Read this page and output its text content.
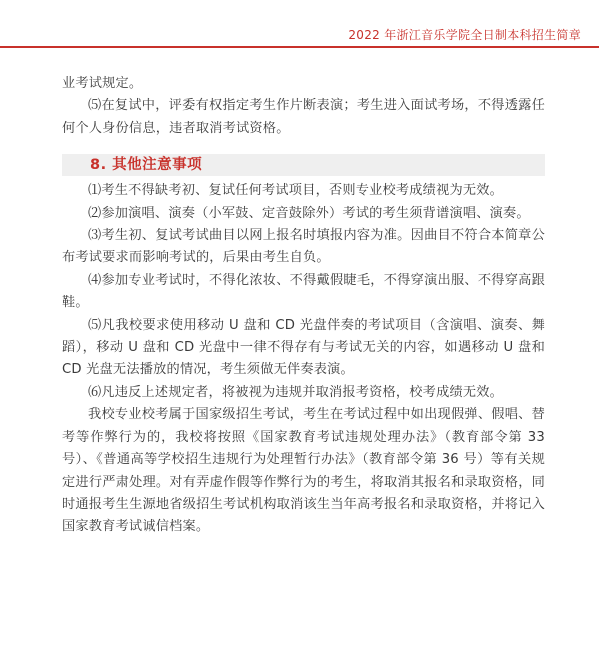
2022 年浙江音乐学院全日制本科招生简章

业考试规定。

⑸在复试中，评委有权指定考生作片断表演；考生进入面试考场，不得透露任何个人身份信息，违者取消考试资格。

8. 其他注意事项

⑴考生不得缺考初、复试任何考试项目，否则专业校考成绩视为无效。

⑵参加演唱、演奏（小军鼓、定音鼓除外）考试的考生须背谱演唱、演奏。

⑶考生初、复试考试曲目以网上报名时填报内容为准。因曲目不符合本简章公布考试要求而影响考试的，后果由考生自负。

⑷参加专业考试时，不得化浓妆、不得戴假睫毛，不得穿演出服、不得穿高跟鞋。

⑸凡我校要求使用移动 U 盘和 CD 光盘伴奏的考试项目（含演唱、演奏、舞蹈），移动 U 盘和 CD 光盘中一律不得存有与考试无关的内容，如遇移动 U 盘和 CD 光盘无法播放的情况，考生须做无伴奏表演。

⑹凡违反上述规定者，将被视为违规并取消报考资格，校考成绩无效。

我校专业校考属于国家级招生考试，考生在考试过程中如出现假弹、假唱、替考等作弊行为的，我校将按照《国家教育考试违规处理办法》（教育部令第 33 号）、《普通高等学校招生违规行为处理暂行办法》（教育部令第 36 号）等有关规定进行严肃处理。对有弄虚作假等作弊行为的考生，将取消其报名和录取资格，同时通报考生生源地省级招生考试机构取消该生当年高考报名和录取资格，并将记入国家教育考试诚信档案。
